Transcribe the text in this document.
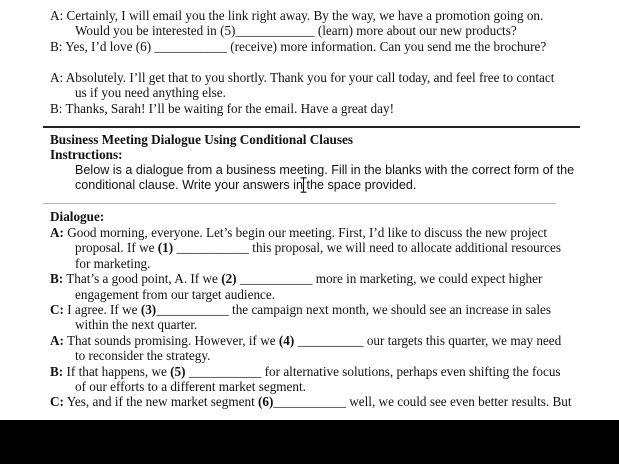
A: Certainly, I will email you the link right away. By the way, we have a promotion going on.
Would you be interested in (5)____________ (learn) more about our new products?
B: Yes, I’d love (6) ___________ (receive) more information. Can you send me the brochure?
A: Absolutely. I’ll get that to you shortly. Thank you for your call today, and feel free to contact
us if you need anything else.
B: Thanks, Sarah! I’ll be waiting for the email. Have a great day!
Business Meeting Dialogue Using Conditional Clauses
Instructions:
Below is a dialogue from a business meeting. Fill in the blanks with the correct form of the
conditional clause. Write your answers in the space provided.
Dialogue:
A: Good morning, everyone. Let’s begin our meeting. First, I’d like to discuss the new project
proposal. If we (1) ___________ this proposal, we will need to allocate additional resources
for marketing.
B: That’s a good point, A. If we (2) ___________ more in marketing, we could expect higher
engagement from our target audience.
C: I agree. If we (3)___________ the campaign next month, we should see an increase in sales
within the next quarter.
A: That sounds promising. However, if we (4) __________ our targets this quarter, we may need
to reconsider the strategy.
B: If that happens, we (5) ___________ for alternative solutions, perhaps even shifting the focus
of our efforts to a different market segment.
C: Yes, and if the new market segment (6)___________ well, we could see even better results. But
